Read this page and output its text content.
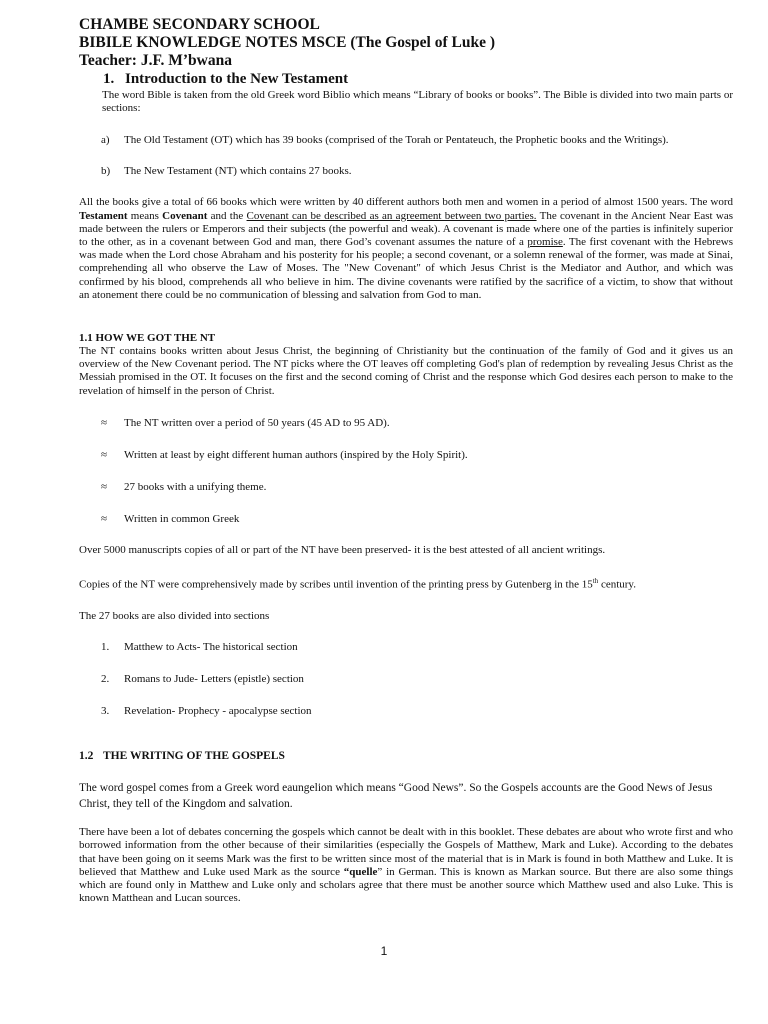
CHAMBE SECONDARY SCHOOL
BIBILE KNOWLEDGE NOTES MSCE (The Gospel of Luke )
Teacher: J.F. M’bwana
1. Introduction to the New Testament

The word Bible is taken from the old Greek word Biblio which means “Library of books or books”. The Bible is divided into two main parts or sections:

a) The Old Testament (OT) which has 39 books (comprised of the Torah or Pentateuch, the Prophetic books and the Writings).
b) The New Testament (NT) which contains 27 books.

All the books give a total of 66 books which were written by 40 different authors both men and women in a period of almost 1500 years. The word Testament means Covenant and the Covenant can be described as an agreement between two parties. The covenant in the Ancient Near East was made between the rulers or Emperors and their subjects (the powerful and weak). A covenant is made where one of the parties is infinitely superior to the other, as in a covenant between God and man, there God’s covenant assumes the nature of a promise. The first covenant with the Hebrews was made when the Lord chose Abraham and his posterity for his people; a second covenant, or a solemn renewal of the former, was made at Sinai, comprehending all who observe the Law of Moses. The "New Covenant" of which Jesus Christ is the Mediator and Author, and which was confirmed by his blood, comprehends all who believe in him. The divine covenants were ratified by the sacrifice of a victim, to show that without an atonement there could be no communication of blessing and salvation from God to man.

1.1 HOW WE GOT THE NT

The NT contains books written about Jesus Christ, the beginning of Christianity but the continuation of the family of God and it gives us an overview of the New Covenant period. The NT picks where the OT leaves off completing God's plan of redemption by revealing Jesus Christ as the Messiah promised in the OT. It focuses on the first and the second coming of Christ and the response which God desires each person to make to the revelation of himself in the person of Christ.

≈ The NT written over a period of 50 years (45 AD to 95 AD).
≈ Written at least by eight different human authors (inspired by the Holy Spirit).
≈ 27 books with a unifying theme.
≈ Written in common Greek

Over 5000 manuscripts copies of all or part of the NT have been preserved- it is the best attested of all ancient writings.

Copies of the NT were comprehensively made by scribes until invention of the printing press by Gutenberg in the 15th century.

The 27 books are also divided into sections

1. Matthew to Acts- The historical section
2. Romans to Jude- Letters (epistle) section
3. Revelation- Prophecy - apocalypse section
1.2 THE WRITING OF THE GOSPELS

The word gospel comes from a Greek word eaungelion which means “Good News”. So the Gospels accounts are the Good News of Jesus Christ, they tell of the Kingdom and salvation.

There have been a lot of debates concerning the gospels which cannot be dealt with in this booklet. These debates are about who wrote first and who borrowed information from the other because of their similarities (especially the Gospels of Matthew, Mark and Luke). According to the debates that have been going on it seems Mark was the first to be written since most of the material that is in Mark is found in both Matthew and Luke. It is believed that Matthew and Luke used Mark as the source “quelle” in German. This is known as Markan source. But there are also some things which are found only in Matthew and Luke only and scholars agree that there must be another source which Matthew used and also Luke. This is known Matthean and Lucan sources.

1
